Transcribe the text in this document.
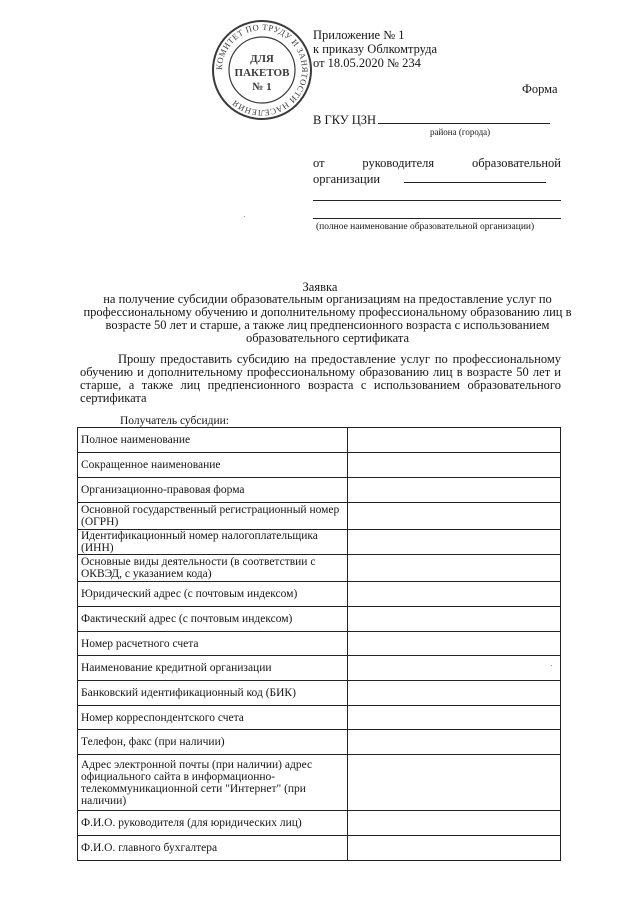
КОМИТЕТ ПО ТРУДУ И ЗАНЯТОСТИ НАСЕЛЕНИЯ
ДЛЯ
ПАКЕТОВ
№ 1
Приложение № 1
к приказу Облкомтруда
от 18.05.2020 № 234
Форма
В ГКУ ЦЗН
района (города)
от	руководителя	образовательной
организации
(полное наименование образовательной организации)
Заявка
на получение субсидии образовательным организациям на предоставление услуг по профессиональному обучению и дополнительному профессиональному образованию лиц в возрасте 50 лет и старше, а также лиц предпенсионного возраста с использованием образовательного сертификата
Прошу предоставить субсидию на предоставление услуг по профессиональному обучению и дополнительному профессиональному образованию лиц в возрасте 50 лет и старше, а также лиц предпенсионного возраста с использованием образовательного сертификата
Получатель субсидии:
Полное наименование	
Сокращенное наименование	
Организационно-правовая форма	
Основной государственный регистрационный номер (ОГРН)	
Идентификационный номер налогоплательщика (ИНН)	
Основные виды деятельности (в соответствии с ОКВЭД, с указанием кода)	
Юридический адрес (с почтовым индексом)	
Фактический адрес (с почтовым индексом)	
Номер расчетного счета	
Наименование кредитной организации	
Банковский идентификационный код (БИК)	
Номер корреспондентского счета	
Телефон, факс (при наличии)	
Адрес электронной почты (при наличии) адрес официального сайта в информационно-телекоммуникационной сети "Интернет" (при наличии)	
Ф.И.О. руководителя (для юридических лиц)	
Ф.И.О. главного бухгалтера	
